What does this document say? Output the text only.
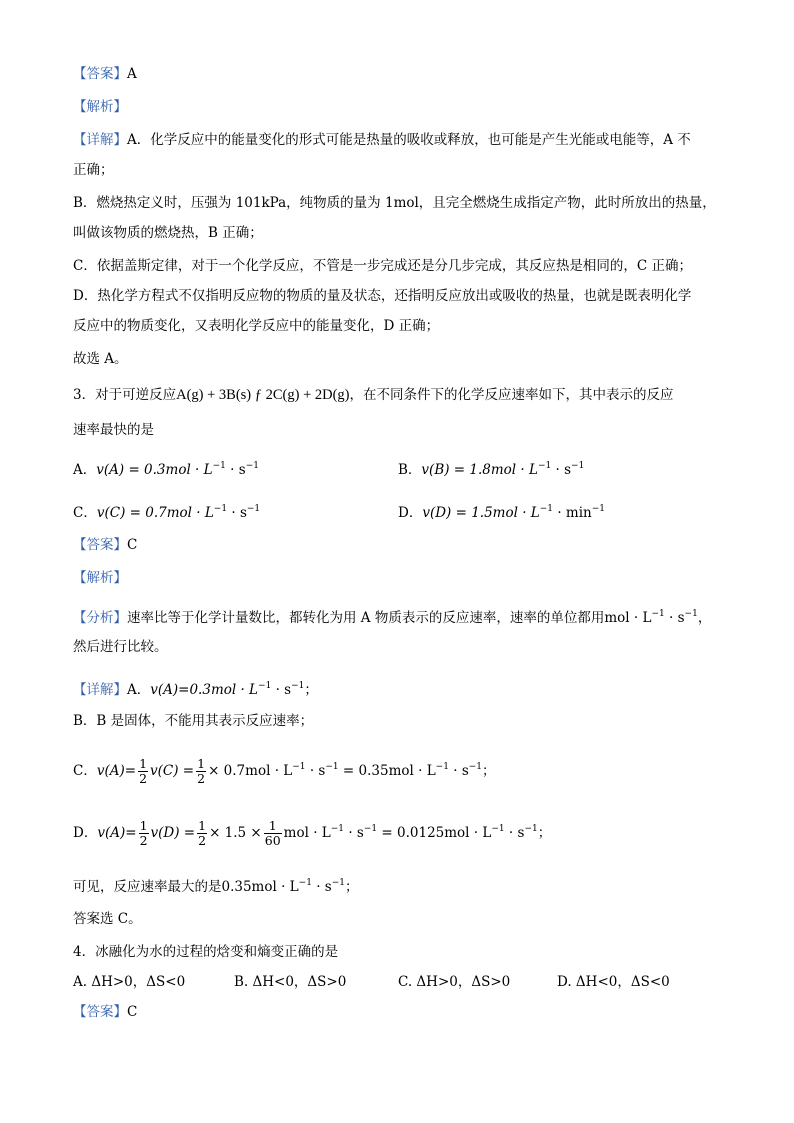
【答案】A
【解析】
【详解】A．化学反应中的能量变化的形式可能是热量的吸收或释放，也可能是产生光能或电能等，A 不
正确；
B．燃烧热定义时，压强为 101kPa，纯物质的量为 1mol，且完全燃烧生成指定产物，此时所放出的热量，
叫做该物质的燃烧热，B 正确；
C．依据盖斯定律，对于一个化学反应，不管是一步完成还是分几步完成，其反应热是相同的，C 正确；
D．热化学方程式不仅指明反应物的物质的量及状态，还指明反应放出或吸收的热量，也就是既表明化学
反应中的物质变化，又表明化学反应中的能量变化，D 正确；
故选 A。
3．对于可逆反应A(g) + 3B(s) ƒ 2C(g) + 2D(g)，在不同条件下的化学反应速率如下，其中表示的反应
速率最快的是
A．$v(A) = 0.3mol \cdot L^{-1} \cdot s^{-1}$	B．$v(B) = 1.8mol \cdot L^{-1} \cdot s^{-1}$
C．$v(C) = 0.7mol \cdot L^{-1} \cdot s^{-1}$	D．$v(D) = 1.5mol \cdot L^{-1} \cdot \min^{-1}$
【答案】C
【解析】
【分析】速率比等于化学计量数比，都转化为用 A 物质表示的反应速率，速率的单位都用mol · $L^{-1} \cdot s^{-1}$，
然后进行比较。
【详解】A．$v(A)=0.3mol \cdot L^{-1} \cdot s^{-1}$；
B．B 是固体，不能用其表示反应速率；
C．$v(A)= \frac{1}{2} v(C) = \frac{1}{2} \times 0.7mol \cdot L^{-1} \cdot s^{-1} = 0.35mol \cdot L^{-1} \cdot s^{-1}$；
D．$v(A)= \frac{1}{2} v(D) = \frac{1}{2} \times 1.5 \times \frac{1}{60}$ mol · $L^{-1} \cdot s^{-1} = 0.0125mol \cdot L^{-1} \cdot s^{-1}$；
可见，反应速率最大的是$0.35mol \cdot L^{-1} \cdot s^{-1}$；
答案选 C。
4．冰融化为水的过程的焓变和熵变正确的是
A. ΔH>0，ΔS<0	B. ΔH<0，ΔS>0	C. ΔH>0，ΔS>0	D. ΔH<0，ΔS<0
【答案】C
